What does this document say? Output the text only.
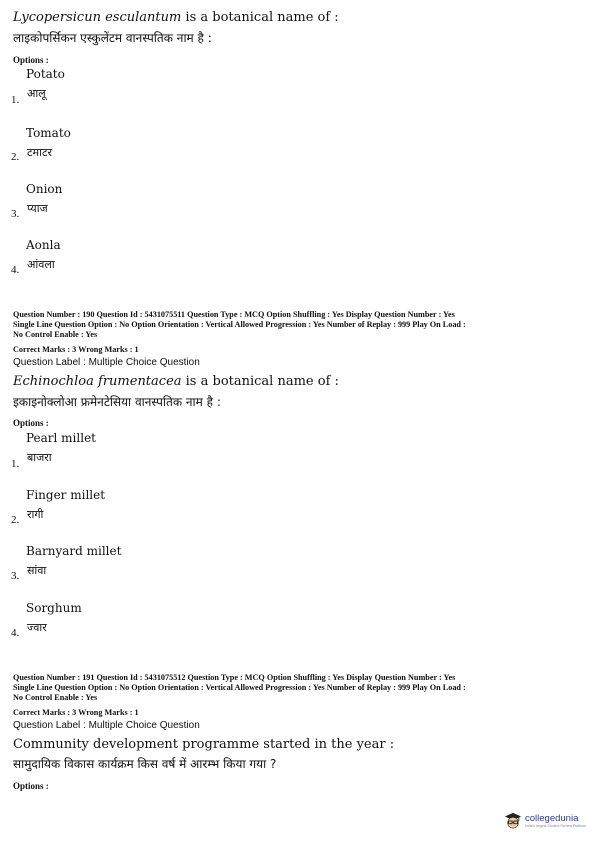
Lycopersicun esculantum is a botanical name of :
लाइकोपर्सिकन एस्कुलेंटम वानस्पतिक नाम है :
Options :
Potato
1. आलू
Tomato
2. टमाटर
Onion
3. प्याज
Aonla
4. आंवला
Question Number : 190 Question Id : 5431075511 Question Type : MCQ Option Shuffling : Yes Display Question Number : Yes
Single Line Question Option : No Option Orientation : Vertical Allowed Progression : Yes Number of Replay : 999 Play On Load :
No Control Enable : Yes
Correct Marks : 3 Wrong Marks : 1
Question Label : Multiple Choice Question
Echinochloa frumentacea is a botanical name of :
इकाइनोक्लोआ फ्रमेनटेसिया वानस्पतिक नाम है :
Options :
Pearl millet
1. बाजरा
Finger millet
2. रागी
Barnyard millet
3. सांवा
Sorghum
4. ज्वार
Question Number : 191 Question Id : 5431075512 Question Type : MCQ Option Shuffling : Yes Display Question Number : Yes
Single Line Question Option : No Option Orientation : Vertical Allowed Progression : Yes Number of Replay : 999 Play On Load :
No Control Enable : Yes
Correct Marks : 3 Wrong Marks : 1
Question Label : Multiple Choice Question
Community development programme started in the year :
सामुदायिक विकास कार्यक्रम किस वर्ष में आरम्भ किया गया ?
Options :
collegedunia
India's largest Student Review Platform
